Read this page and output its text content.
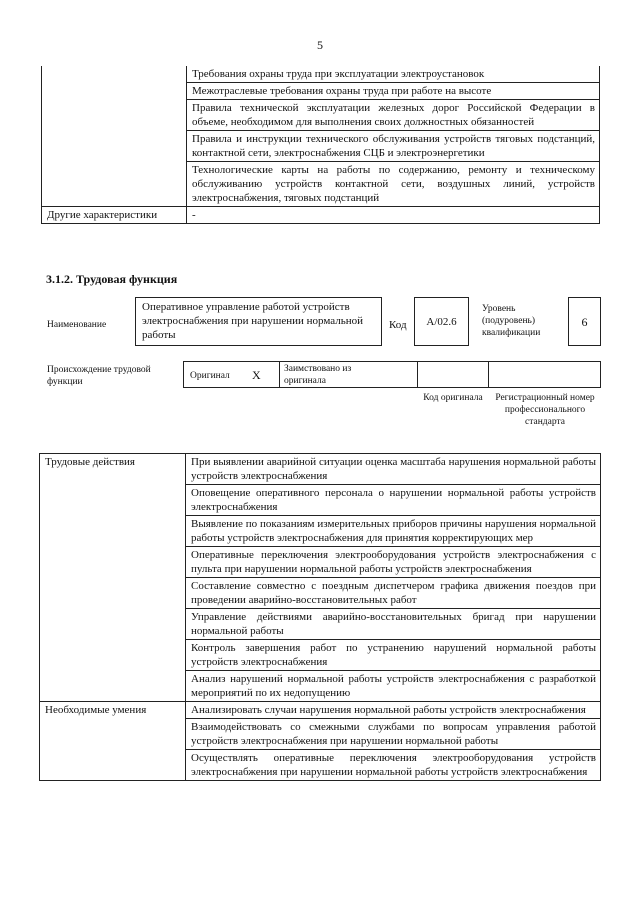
5
	Требования охраны труда при эксплуатации электроустановок
	Межотраслевые требования охраны труда при работе на высоте
	Правила технической эксплуатации железных дорог Российской Федерации в объеме, необходимом для выполнения своих должностных обязанностей
	Правила и инструкции технического обслуживания устройств тяговых подстанций, контактной сети, электроснабжения СЦБ и электроэнергетики
	Технологические карты на работы по содержанию, ремонту и техническому обслуживанию устройств контактной сети, воздушных линий, устройств электроснабжения, тяговых подстанций
Другие характеристики	-
3.1.2. Трудовая функция
Наименование
Оперативное управление работой устройств электроснабжения при нарушении нормальной работы
Код	A/02.6
Уровень (подуровень) квалификации
6
Происхождение трудовой функции
Оригинал X Заимствовано из оригинала
Код оригинала	Регистрационный номер профессионального стандарта
Трудовые действия	При выявлении аварийной ситуации оценка масштаба нарушения нормальной работы устройств электроснабжения
	Оповещение оперативного персонала о нарушении нормальной работы устройств электроснабжения
	Выявление по показаниям измерительных приборов причины нарушения нормальной работы устройств электроснабжения для принятия корректирующих мер
	Оперативные переключения электрооборудования устройств электроснабжения с пульта при нарушении нормальной работы устройств электроснабжения
	Составление совместно с поездным диспетчером графика движения поездов при проведении аварийно-восстановительных работ
	Управление действиями аварийно-восстановительных бригад при нарушении нормальной работы
	Контроль завершения работ по устранению нарушений нормальной работы устройств электроснабжения
	Анализ нарушений нормальной работы устройств электроснабжения с разработкой мероприятий по их недопущению
Необходимые умения	Анализировать случаи нарушения нормальной работы устройств электроснабжения
	Взаимодействовать со смежными службами по вопросам управления работой устройств электроснабжения при нарушении нормальной работы
	Осуществлять оперативные переключения электрооборудования устройств электроснабжения при нарушении нормальной работы устройств электроснабжения
